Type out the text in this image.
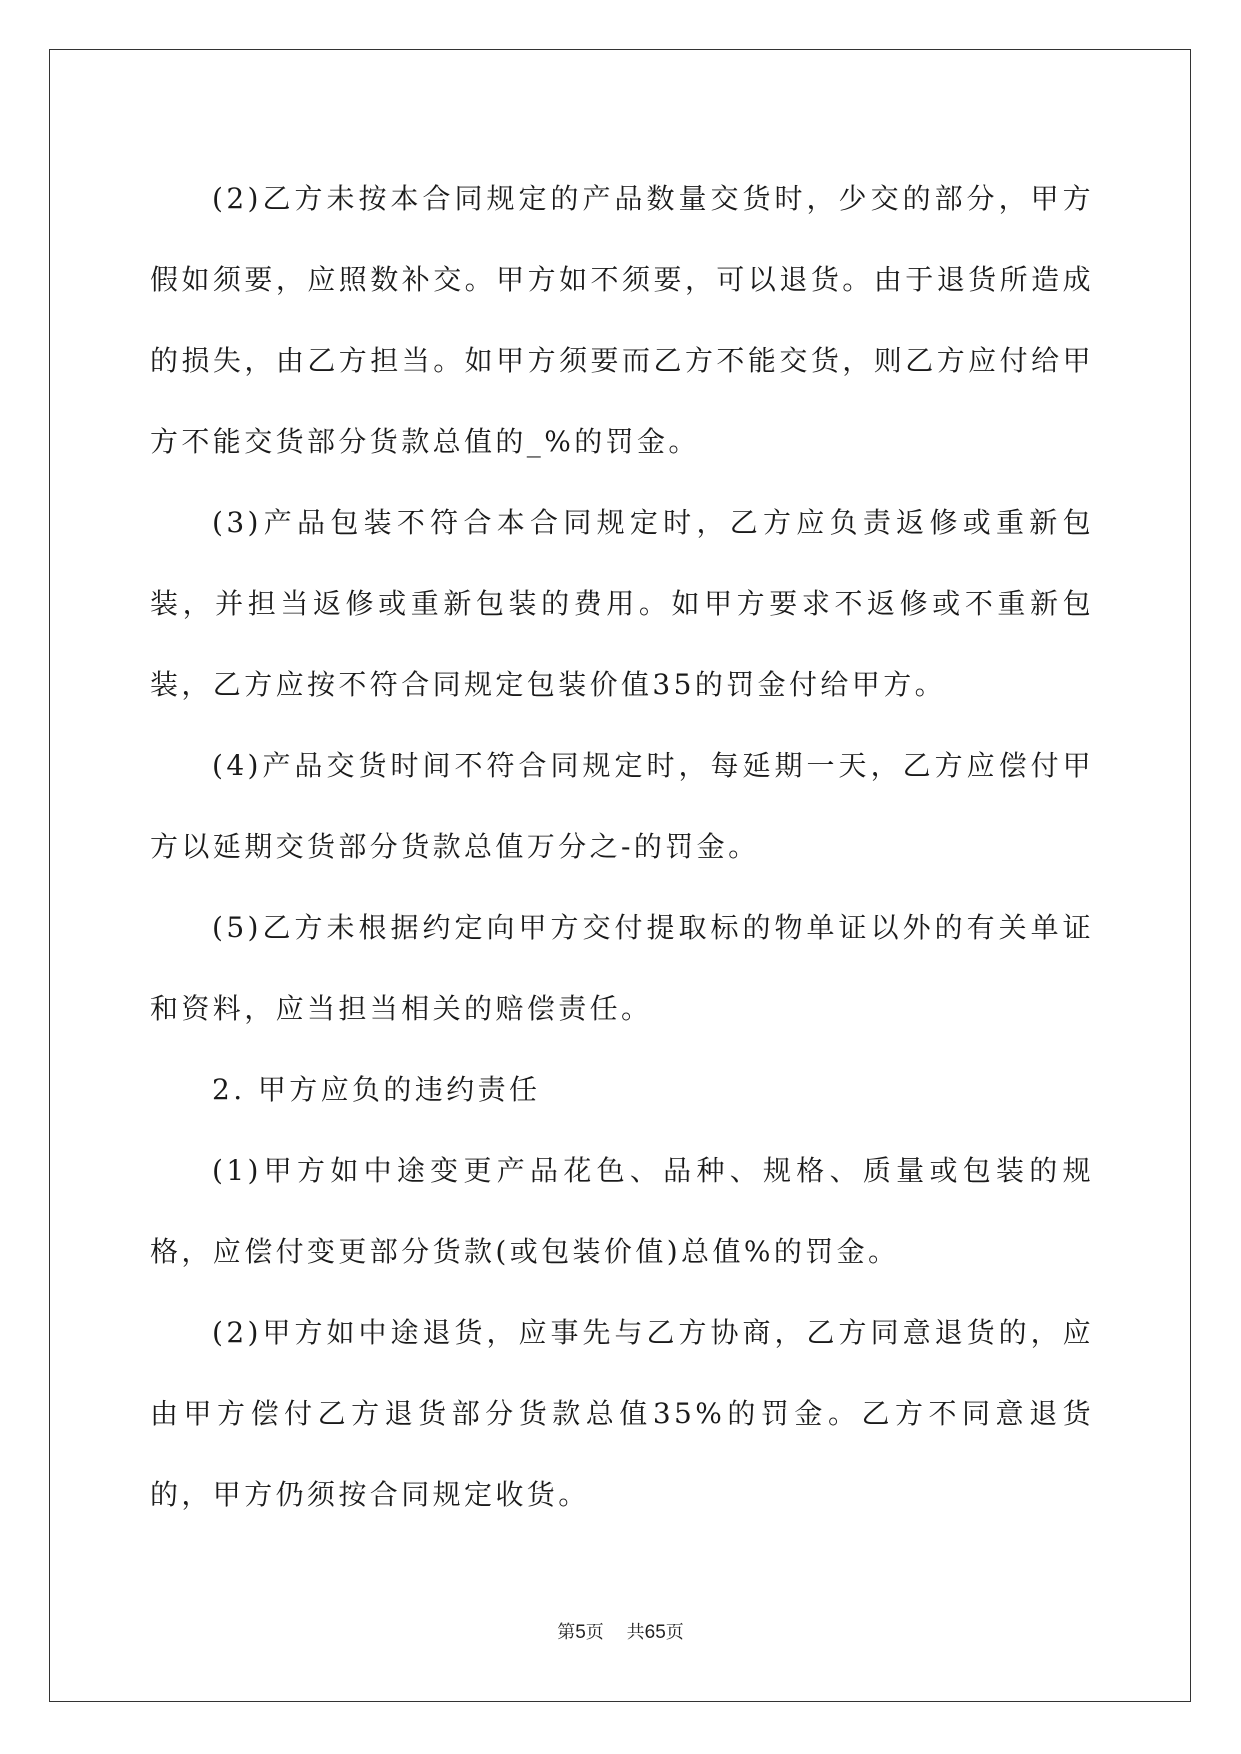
(2)乙方未按本合同规定的产品数量交货时，少交的部分，甲方假如须要，应照数补交。甲方如不须要，可以退货。由于退货所造成的损失，由乙方担当。如甲方须要而乙方不能交货，则乙方应付给甲方不能交货部分货款总值的_%的罚金。

(3)产品包装不符合本合同规定时，乙方应负责返修或重新包装，并担当返修或重新包装的费用。如甲方要求不返修或不重新包装，乙方应按不符合同规定包装价值35的罚金付给甲方。

(4)产品交货时间不符合同规定时，每延期一天，乙方应偿付甲方以延期交货部分货款总值万分之-的罚金。

(5)乙方未根据约定向甲方交付提取标的物单证以外的有关单证和资料，应当担当相关的赔偿责任。

2. 甲方应负的违约责任

(1)甲方如中途变更产品花色、品种、规格、质量或包装的规格，应偿付变更部分货款(或包装价值)总值%的罚金。

(2)甲方如中途退货，应事先与乙方协商，乙方同意退货的，应由甲方偿付乙方退货部分货款总值35%的罚金。乙方不同意退货的，甲方仍须按合同规定收货。

第5页 共65页
